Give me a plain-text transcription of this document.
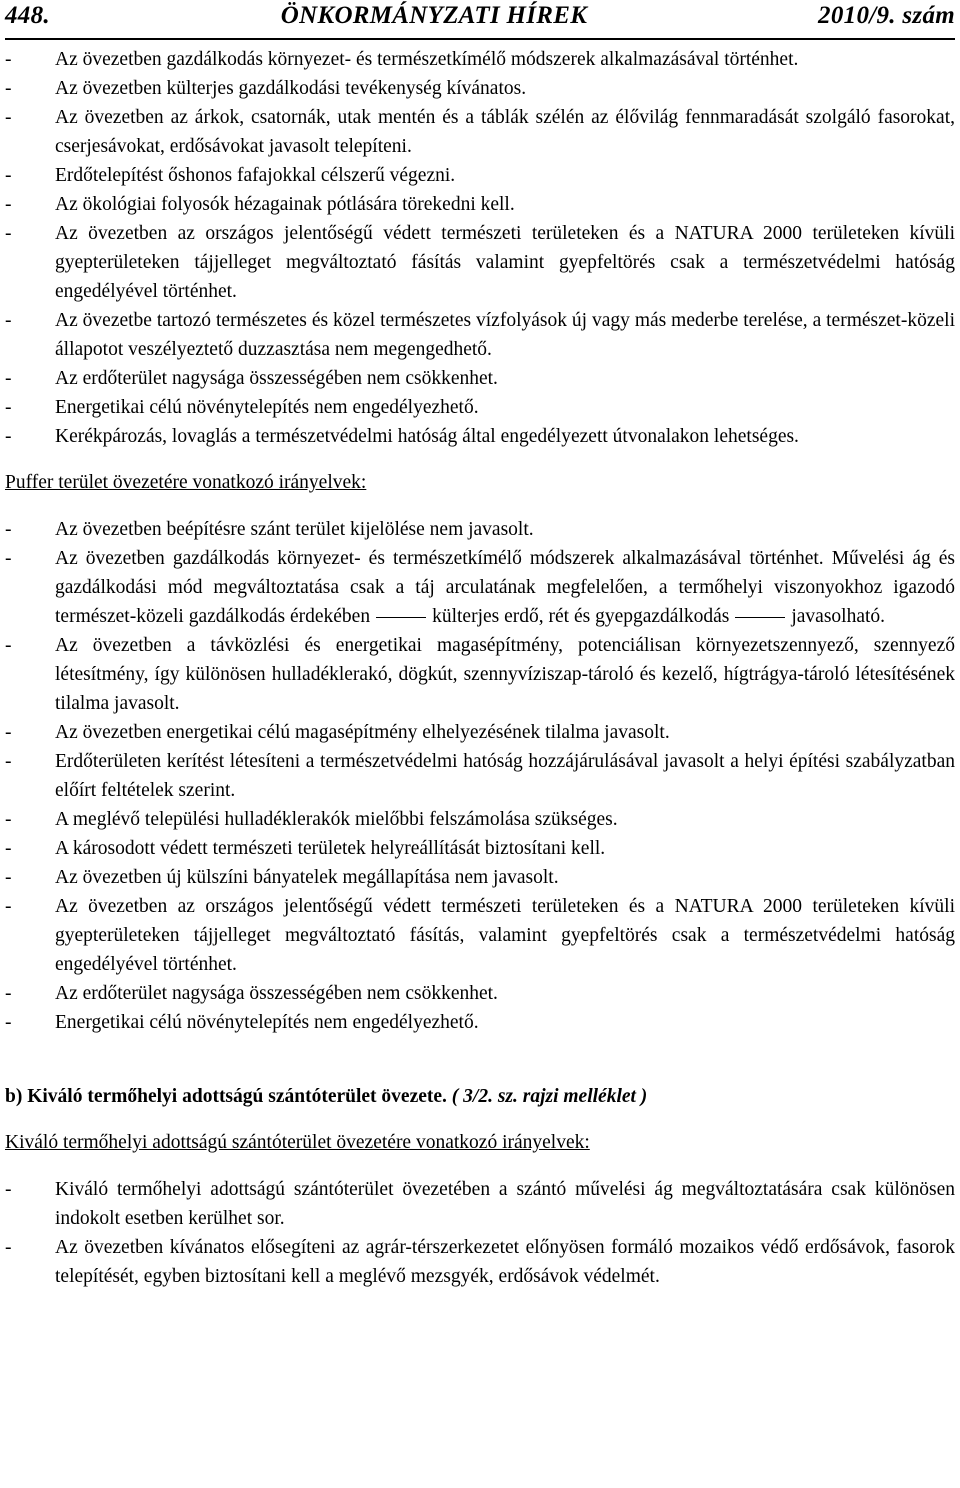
448.	ÖNKORMÁNYZATI HÍREK	2010/9. szám
- Az övezetben gazdálkodás környezet- és természetkímélő módszerek alkalmazásával történhet.

- Az övezetben külterjes gazdálkodási tevékenység kívánatos.

- Az övezetben az árkok, csatornák, utak mentén és a táblák szélén az élővilág fennmaradását szolgáló fasorokat, cserjesávokat, erdősávokat javasolt telepíteni.

- Erdőtelepítést őshonos fafajokkal célszerű végezni.

- Az ökológiai folyosók hézagainak pótlására törekedni kell.

- Az övezetben az országos jelentőségű védett természeti területeken és a NATURA 2000 területeken kívüli gyepterületeken tájjelleget megváltoztató fásítás valamint gyepfeltörés csak a természetvédelmi hatóság engedélyével történhet.

- Az övezetbe tartozó természetes és közel természetes vízfolyások új vagy más mederbe terelése, a természet-közeli állapotot veszélyeztető duzzasztása nem megengedhető.

- Az erdőterület nagysága összességében nem csökkenhet.

- Energetikai célú növénytelepítés nem engedélyezhető.

- Kerékpározás, lovaglás a természetvédelmi hatóság által engedélyezett útvonalakon lehetséges.

Puffer terület övezetére vonatkozó irányelvek:

- Az övezetben beépítésre szánt terület kijelölése nem javasolt.

- Az övezetben gazdálkodás környezet- és természetkímélő módszerek alkalmazásával történhet. Művelési ág és gazdálkodási mód megváltoztatása csak a táj arculatának megfelelően, a termőhelyi viszonyokhoz igazodó természet-közeli gazdálkodás érdekében	külterjes erdő, rét és gyepgazdálkodás	javasolható.

- Az övezetben a távközlési és energetikai magasépítmény, potenciálisan környezetszennyező, szennyező létesítmény, így különösen hulladéklerakó, dögkút, szennyvíziszap-tároló és kezelő, hígtrágya-tároló létesítésének tilalma javasolt.

- Az övezetben energetikai célú magasépítmény elhelyezésének tilalma javasolt.

- Erdőterületen kerítést létesíteni a természetvédelmi hatóság hozzájárulásával javasolt a helyi építési szabályzatban előírt feltételek szerint.

- A meglévő települési hulladéklerakók mielőbbi felszámolása szükséges.

- A károsodott védett természeti területek helyreállítását biztosítani kell.

- Az övezetben új külszíni bányatelek megállapítása nem javasolt.

- Az övezetben az országos jelentőségű védett természeti területeken és a NATURA 2000 területeken kívüli gyepterületeken tájjelleget megváltoztató fásítás, valamint gyepfeltörés csak a természetvédelmi hatóság engedélyével történhet.

- Az erdőterület nagysága összességében nem csökkenhet.

- Energetikai célú növénytelepítés nem engedélyezhető.

b) Kiváló termőhelyi adottságú szántóterület övezete. ( 3/2. sz. rajzi melléklet )

Kiváló termőhelyi adottságú szántóterület övezetére vonatkozó irányelvek:

- Kiváló termőhelyi adottságú szántóterület övezetében a szántó művelési ág megváltoztatására csak különösen indokolt esetben kerülhet sor.

- Az övezetben kívánatos elősegíteni az agrár-térszerkezetet előnyösen formáló mozaikos védő erdősávok, fasorok telepítését, egyben biztosítani kell a meglévő mezsgyék, erdősávok védelmét.
